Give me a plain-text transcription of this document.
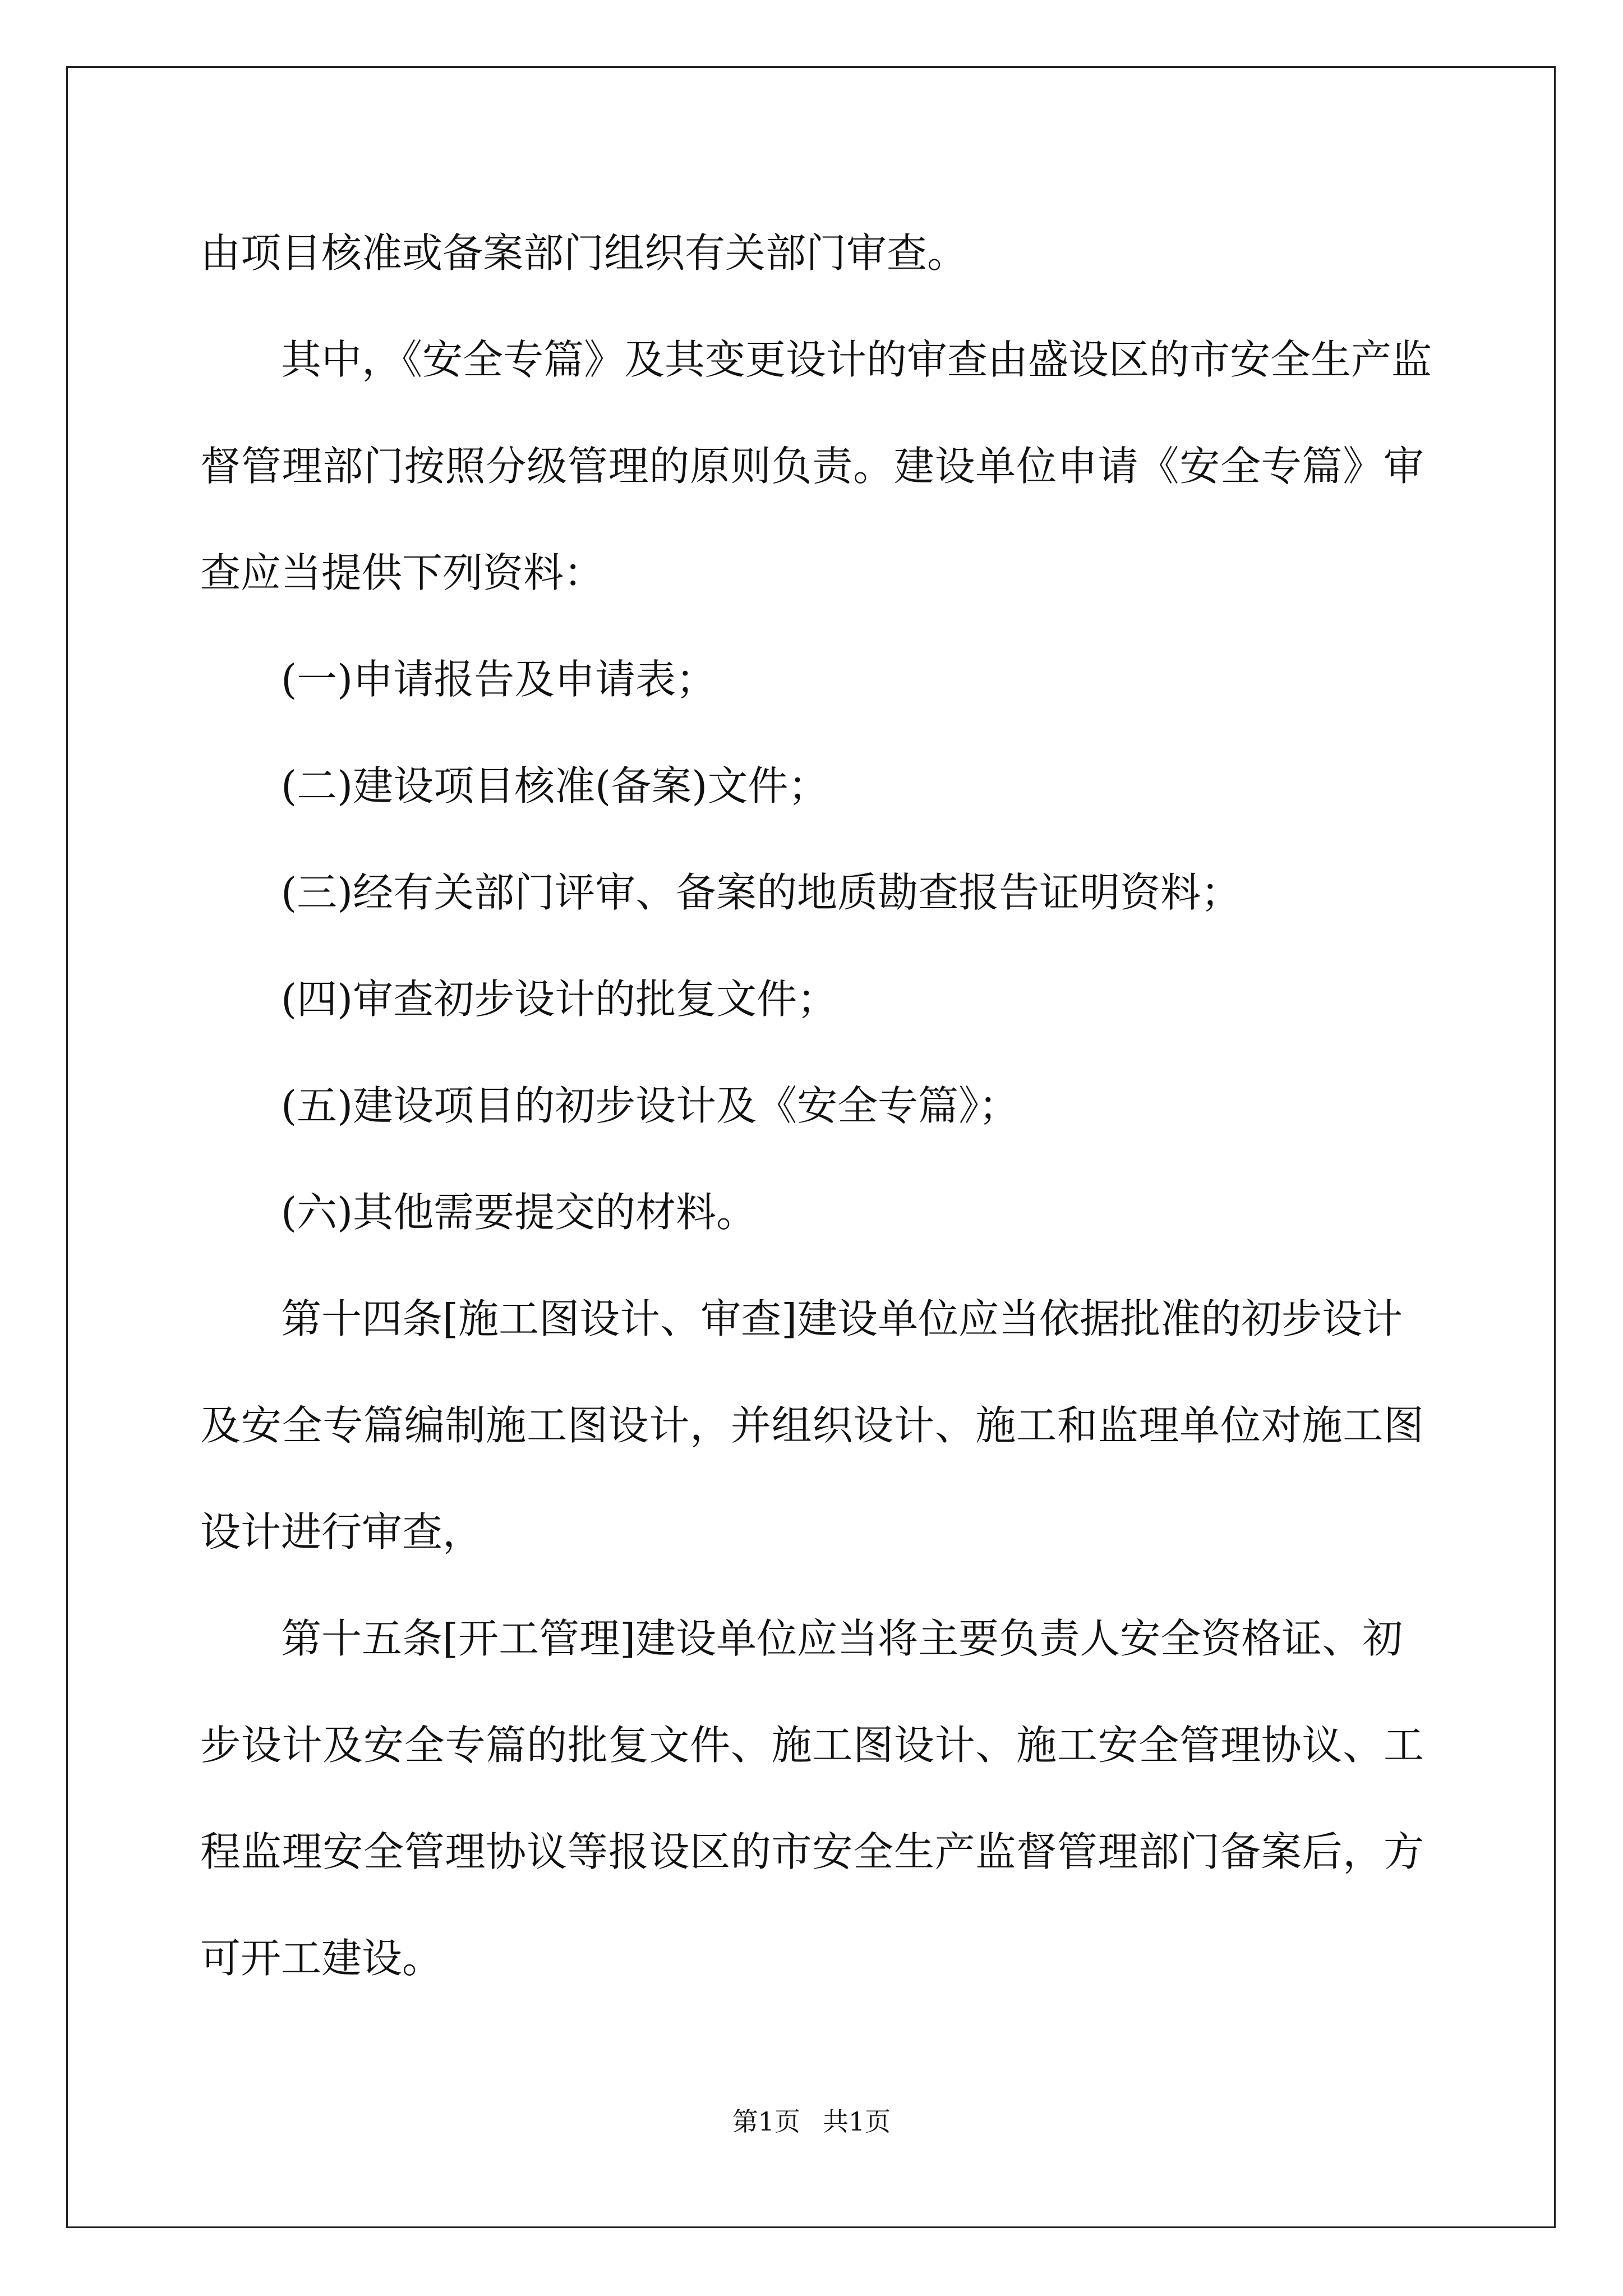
由项目核准或备案部门组织有关部门审查。
其中，《安全专篇》及其变更设计的审查由盛设区的市安全生产监
督管理部门按照分级管理的原则负责。建设单位申请《安全专篇》审
查应当提供下列资料：
(一)申请报告及申请表；
(二)建设项目核准(备案)文件；
(三)经有关部门评审、备案的地质勘查报告证明资料；
(四)审查初步设计的批复文件；
(五)建设项目的初步设计及《安全专篇》；
(六)其他需要提交的材料。
第十四条[施工图设计、审查]建设单位应当依据批准的初步设计
及安全专篇编制施工图设计，并组织设计、施工和监理单位对施工图
设计进行审查，
第十五条[开工管理]建设单位应当将主要负责人安全资格证、初
步设计及安全专篇的批复文件、施工图设计、施工安全管理协议、工
程监理安全管理协议等报设区的市安全生产监督管理部门备案后，方
可开工建设。
第1页 共1页
